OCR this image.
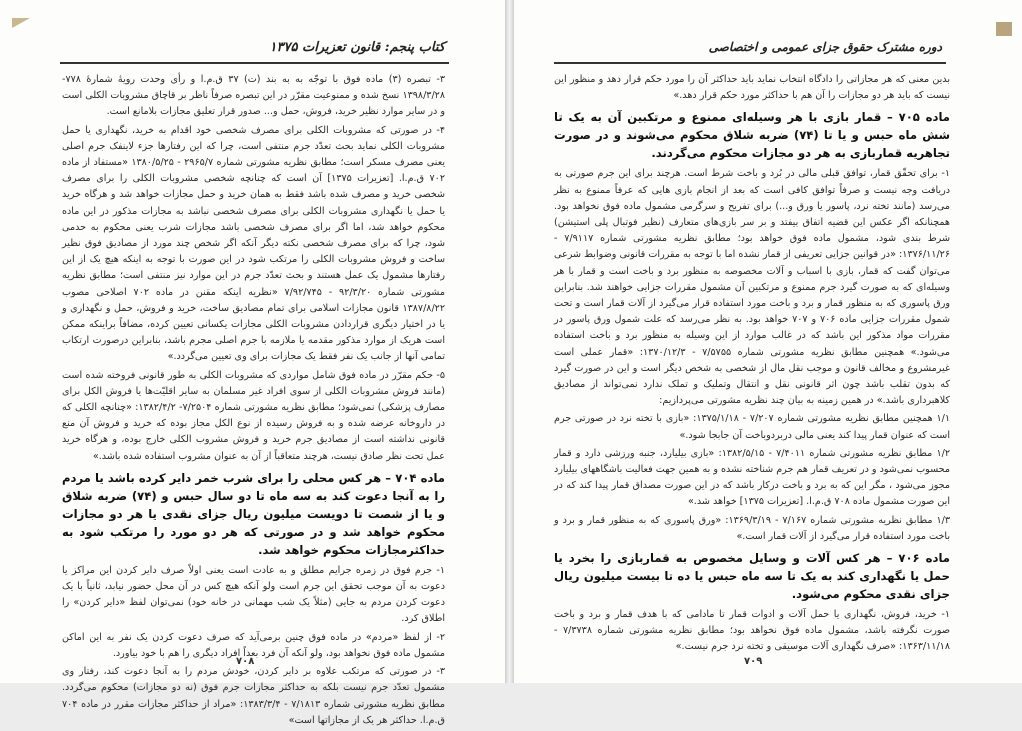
کتاب پنجم: قانون تعزیرات ۱۳۷۵

۳- تبصره (۳) ماده فوق با توجّه به به بند (ت) ۳۷ ق.م.ا و رأی وحدت رویهٔ شمارهٔ ۷۷۸- ۱۳۹۸/۳/۲۸ نسخ شده و ممنوعیت مقرّر در این تبصره صرفاً ناظر بر قاچاق مشروبات الکلی است و در سایر موارد نظیر خرید، فروش، حمل و... صدور قرار تعلیق مجازات بلامانع است.

۴- در صورتی که مشروبات الکلی برای مصرف شخصی خود اقدام به خرید، نگهداری یا حمل مشروبات الکلی نماید بحث تعدّد جرم منتفی است، چرا که این رفتارها جزء لاینفک جرم اصلی یعنی مصرف مسکر است؛ مطابق نظریه مشورتی شماره ۲۹۶۵/۷ - ۱۳۸۰/۵/۲۵ «مستفاد از ماده ۷۰۲ ق.م.ا. [تعزیرات ۱۳۷۵] آن است که چنانچه شخصی مشروبات الکلی را برای مصرف شخصی خرید و مصرف شده باشد فقط به همان خرید و حمل مجازات خواهد شد و هرگاه خرید یا حمل یا نگهداری مشروبات الکلی برای مصرف شخصی نباشد به مجازات مذکور در این ماده محکوم خواهد شد، اما اگر برای مصرف شخصی باشد مجازات شرب یعنی محکوم به حدمی شود، چرا که برای مصرف شخصی نکته دیگر آنکه اگر شخص چند مورد از مصادیق فوق نظیر ساخت و فروش مشروبات الکلی را مرتکب شود در این صورت با توجه به اینکه هیچ یک از این رفتارها مشمول یک عمل هستند و بحث تعدّد جرم در این موارد نیز منتفی است؛ مطابق نظریه مشورتی شماره ۹۲/۳/۲۰ - ۷/۹۲/۷۴۵ «نظریه اینکه مقنن در ماده ۷۰۲ اصلاحی مصوب ۱۳۸۷/۸/۲۲ قانون مجازات اسلامی برای تمام مصادیق ساخت، خرید و فروش، حمل و نگهداری و یا در اختیار دیگری قراردادن مشروبات الکلی مجازات یکسانی تعیین کرده، مضافاً براینکه ممکن است هریک از موارد مذکور مقدمه یا ملازمه با جرم اصلی مجرم باشد، بنابراین درصورت ارتکاب تمامی آنها از جانب یک نفر فقط یک مجازات برای وی تعیین می‌گردد.»

۵- حکم مقرّر در ماده فوق شامل مواردی که مشروبات الکلی به طور قانونی فروخته شده است (مانند فروش مشروبات الکلی از سوی افراد غیر مسلمان به سایر اقلیّت‌ها یا فروش الکل برای مصارف پزشکی) نمی‌شود؛ مطابق نظریه مشورتی شماره ۷/۲۵۰۴- ۱۳۸۲/۴/۲: «چنانچه الکلی که در داروخانه عرضه شده و به فروش رسیده از نوع الکل مجاز بوده که خرید و فروش آن منع قانونی نداشته است از مصادیق جرم خرید و فروش مشروب الکلی خارج بوده، و هرگاه خرید عمل تحت نظر صادق نیست، هرچند متعاقباً از آن به عنوان مشروب استفاده شده باشد.»

ماده ۷۰۴ – هر کس محلی را برای شرب خمر دایر کرده باشد یا مردم را به آنجا دعوت کند به سه ماه تا دو سال حبس و (۷۴) ضربه شلاق و یا از شصت تا دویست میلیون ریال جزای نقدی یا هر دو مجازات محکوم خواهد شد و در صورتی که هر دو مورد را مرتکب شود به حداکثرمجازات محکوم خواهد شد.

۱- جرم فوق در زمره جرایم مطلق و به عادت است یعنی اولاً صرف دایر کردن این مراکز یا دعوت به آن موجب تحقق این جرم است ولو آنکه هیچ کس در آن محل حضور نیابد، ثانیاً با یک دعوت کردن مردم به جایی (مثلاً یک شب مهمانی در خانه خود) نمی‌توان لفظ «دایر کردن» را اطلاق کرد.

۲- از لفظ «مردم» در ماده فوق چنین برمی‌آید که صرف دعوت کردن یک نفر به این اماکن مشمول ماده فوق نخواهد بود، ولو آنکه آن فرد بعداً افراد دیگری را هم با خود بیاورد.

۳- در صورتی که مرتکب علاوه بر دایر کردن، خودش مردم را به آنجا دعوت کند، رفتار وی مشمول تعدّد جرم نیست بلکه به حداکثر مجازات جرم فوق (نه دو مجازات) محکوم می‌گردد. مطابق نظریه مشورتی شماره ۷/۱۸۱۳ - ۱۳۸۳/۳/۴: «مراد از حداکثر مجازات مقرر در ماده ۷۰۴ ق.م.ا. حداکثر هر یک از مجازاتها است»

۷۰۸
دوره مشترک حقوق جزای عمومی و اختصاصی

بدین معنی که هر مجازاتی را دادگاه انتخاب نماید باید حداکثر آن را مورد حکم قرار دهد و منظور این نیست که باید هر دو مجازات را آن هم با حداکثر مورد حکم قرار دهد.»

ماده ۷۰۵ – قمار بازی با هر وسیله‌ای ممنوع و مرتکبین آن به یک تا شش ماه حبس و یا تا (۷۴) ضربه شلاق محکوم می‌شوند و در صورت تجاهریه قماربازی به هر دو مجازات محکوم می‌گردند.

۱- برای تحقّق قمار، توافق قبلی مالی در بُرد و باخت شرط است. هرچند برای این جرم صورتی به دریافت وجه نیست و صرفاً توافق کافی است که بعد از انجام بازی هایی که عرفاً ممنوع به نظر می‌رسد (مانند تخته نرد، پاسور یا ورق و...) برای تفریح و سرگرمی مشمول ماده فوق نخواهد بود. همچنانکه اگر عکس این قضیه اتفاق بیفتد و بر سر بازی‌های متعارف (نظیر فوتبال پلی استیشن) شرط بندی شود، مشمول ماده فوق خواهد بود؛ مطابق نظریه مشورتی شماره ۷/۹۱۱۷ - ۱۳۷۶/۱۱/۲۶: «در قوانین جزایی تعریفی از قمار نشده اما با توجه به مقررات قانونی وضوابط شرعی می‌توان گفت که قمار، بازی با اسباب و آلات مخصوصه به منظور برد و باخت است و قمار با هر وسیله‌ای که به صورت گیرد جرم ممنوع و مرتکبین آن مشمول مقررات جزایی خواهند شد. بنابراین ورق پاسوری که به منظور قمار و برد و باخت مورد استفاده قرار می‌گیرد از آلات قمار است و تحت شمول مقررات جزایی ماده ۷۰۶ و ۷۰۷ خواهد بود. به نظر می‌رسد که علت شمول ورق پاسور در مقررات مواد مذکور این باشد که در غالب موارد از این وسیله به منظور برد و باخت استفاده می‌شود.» همچنین مطابق نظریه مشورتی شماره ۷/۵۷۵۵ - ۱۳۷۰/۱۲/۳: «قمار عملی است غیرمشروع و مخالف قانون و موجب نقل مال از شخصی به شخص دیگر است و این در صورت گیرد که بدون تقلب باشد چون اثر قانونی نقل و انتقال وتملیک و تملک ندارد نمی‌تواند از مصادیق کلاهبرداری باشد.» در همین زمینه به بیان چند نظریه مشورتی می‌پردازیم:

۱/۱ همچنین مطابق نظریه مشورتی شماره ۷/۲۰۷ - ۱۳۷۵/۱/۱۸: «بازی با تخته نرد در صورتی جرم است که عنوان قمار پیدا کند یعنی مالی دربردوباخت آن جابجا شود.»

۱/۲ مطابق نظریه مشورتی شماره ۷/۴۰۱۱ - ۱۳۸۲/۵/۱۵: «بازی بیلیارد، جنبه ورزشی دارد و قمار محسوب نمی‌شود و در تعریف قمار هم جرم شناخته نشده و به همین جهت فعالیت باشگاههای بیلیارد مجوز می‌شود ، مگر این که به برد و باخت درکار باشد که در این صورت مصداق قمار پیدا کند که در این صورت مشمول ماده ۷۰۸ ق.م.ا. [تعزیرات ۱۳۷۵] خواهد شد.»

۱/۳ مطابق نظریه مشورتی شماره ۷/۱۶۷ - ۱۳۶۹/۳/۱۹: «ورق پاسوری که به منظور قمار و برد و باخت مورد استفاده قرار می‌گیرد از آلات قمار است.»

ماده ۷۰۶ – هر کس آلات و وسایل مخصوص به قماربازی را بخرد یا حمل یا نگهداری کند به یک تا سه ماه حبس یا ده تا بیست میلیون ریال جزای نقدی محکوم می‌شود.

۱- خرید، فروش، نگهداری یا حمل آلات و ادوات قمار تا مادامی که با هدف قمار و برد و باخت صورت نگرفته باشد، مشمول ماده فوق نخواهد بود؛ مطابق نظریه مشورتی شماره ۷/۳۷۳۸ - ۱۳۶۳/۱۱/۱۸: «صرف نگهداری آلات موسیقی و تخته نرد جرم نیست.»

۷۰۹
